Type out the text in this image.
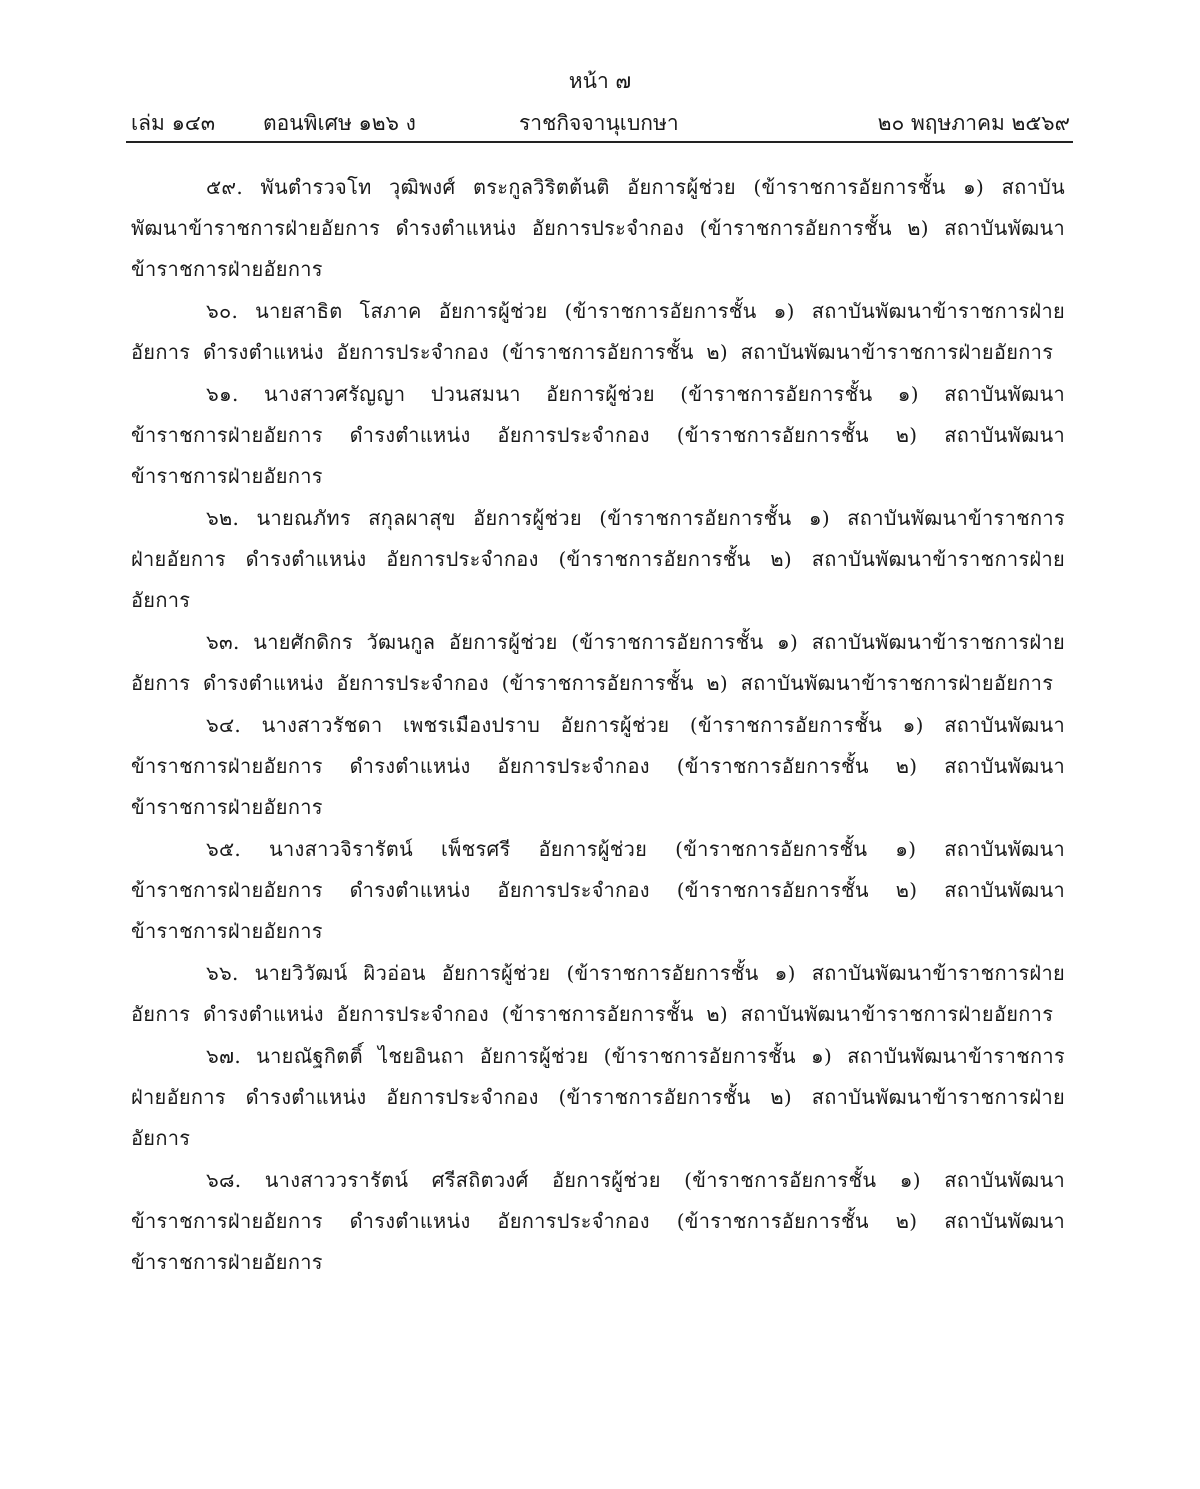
หน้า ๗
เล่ม ๑๔๓ ตอนพิเศษ ๑๒๖ ง	ราชกิจจานุเบกษา	๒๐ พฤษภาคม ๒๕๖๙

๕๙. พันตำรวจโท วุฒิพงศ์ ตระกูลวิริตต้นติ อัยการผู้ช่วย (ข้าราชการอัยการชั้น ๑) สถาบันพัฒนาข้าราชการฝ่ายอัยการ ดำรงตำแหน่ง อัยการประจำกอง (ข้าราชการอัยการชั้น ๒) สถาบันพัฒนาข้าราชการฝ่ายอัยการ

๖๐. นายสาธิต โสภาค อัยการผู้ช่วย (ข้าราชการอัยการชั้น ๑) สถาบันพัฒนาข้าราชการฝ่ายอัยการ ดำรงตำแหน่ง อัยการประจำกอง (ข้าราชการอัยการชั้น ๒) สถาบันพัฒนาข้าราชการฝ่ายอัยการ

๖๑. นางสาวศรัญญา ปวนสมนา อัยการผู้ช่วย (ข้าราชการอัยการชั้น ๑) สถาบันพัฒนาข้าราชการฝ่ายอัยการ ดำรงตำแหน่ง อัยการประจำกอง (ข้าราชการอัยการชั้น ๒) สถาบันพัฒนาข้าราชการฝ่ายอัยการ

๖๒. นายณภัทร สกุลผาสุข อัยการผู้ช่วย (ข้าราชการอัยการชั้น ๑) สถาบันพัฒนาข้าราชการฝ่ายอัยการ ดำรงตำแหน่ง อัยการประจำกอง (ข้าราชการอัยการชั้น ๒) สถาบันพัฒนาข้าราชการฝ่ายอัยการ

๖๓. นายศักดิกร วัฒนกูล อัยการผู้ช่วย (ข้าราชการอัยการชั้น ๑) สถาบันพัฒนาข้าราชการฝ่ายอัยการ ดำรงตำแหน่ง อัยการประจำกอง (ข้าราชการอัยการชั้น ๒) สถาบันพัฒนาข้าราชการฝ่ายอัยการ

๖๔. นางสาวรัชดา เพชรเมืองปราบ อัยการผู้ช่วย (ข้าราชการอัยการชั้น ๑) สถาบันพัฒนาข้าราชการฝ่ายอัยการ ดำรงตำแหน่ง อัยการประจำกอง (ข้าราชการอัยการชั้น ๒) สถาบันพัฒนาข้าราชการฝ่ายอัยการ

๖๕. นางสาวจิรารัตน์ เพ็ชรศรี อัยการผู้ช่วย (ข้าราชการอัยการชั้น ๑) สถาบันพัฒนาข้าราชการฝ่ายอัยการ ดำรงตำแหน่ง อัยการประจำกอง (ข้าราชการอัยการชั้น ๒) สถาบันพัฒนาข้าราชการฝ่ายอัยการ

๖๖. นายวิวัฒน์ ผิวอ่อน อัยการผู้ช่วย (ข้าราชการอัยการชั้น ๑) สถาบันพัฒนาข้าราชการฝ่ายอัยการ ดำรงตำแหน่ง อัยการประจำกอง (ข้าราชการอัยการชั้น ๒) สถาบันพัฒนาข้าราชการฝ่ายอัยการ

๖๗. นายณัฐกิตติ์ ไชยอินถา อัยการผู้ช่วย (ข้าราชการอัยการชั้น ๑) สถาบันพัฒนาข้าราชการฝ่ายอัยการ ดำรงตำแหน่ง อัยการประจำกอง (ข้าราชการอัยการชั้น ๒) สถาบันพัฒนาข้าราชการฝ่ายอัยการ

๖๘. นางสาววรารัตน์ ศรีสถิตวงศ์ อัยการผู้ช่วย (ข้าราชการอัยการชั้น ๑) สถาบันพัฒนาข้าราชการฝ่ายอัยการ ดำรงตำแหน่ง อัยการประจำกอง (ข้าราชการอัยการชั้น ๒) สถาบันพัฒนาข้าราชการฝ่ายอัยการ
